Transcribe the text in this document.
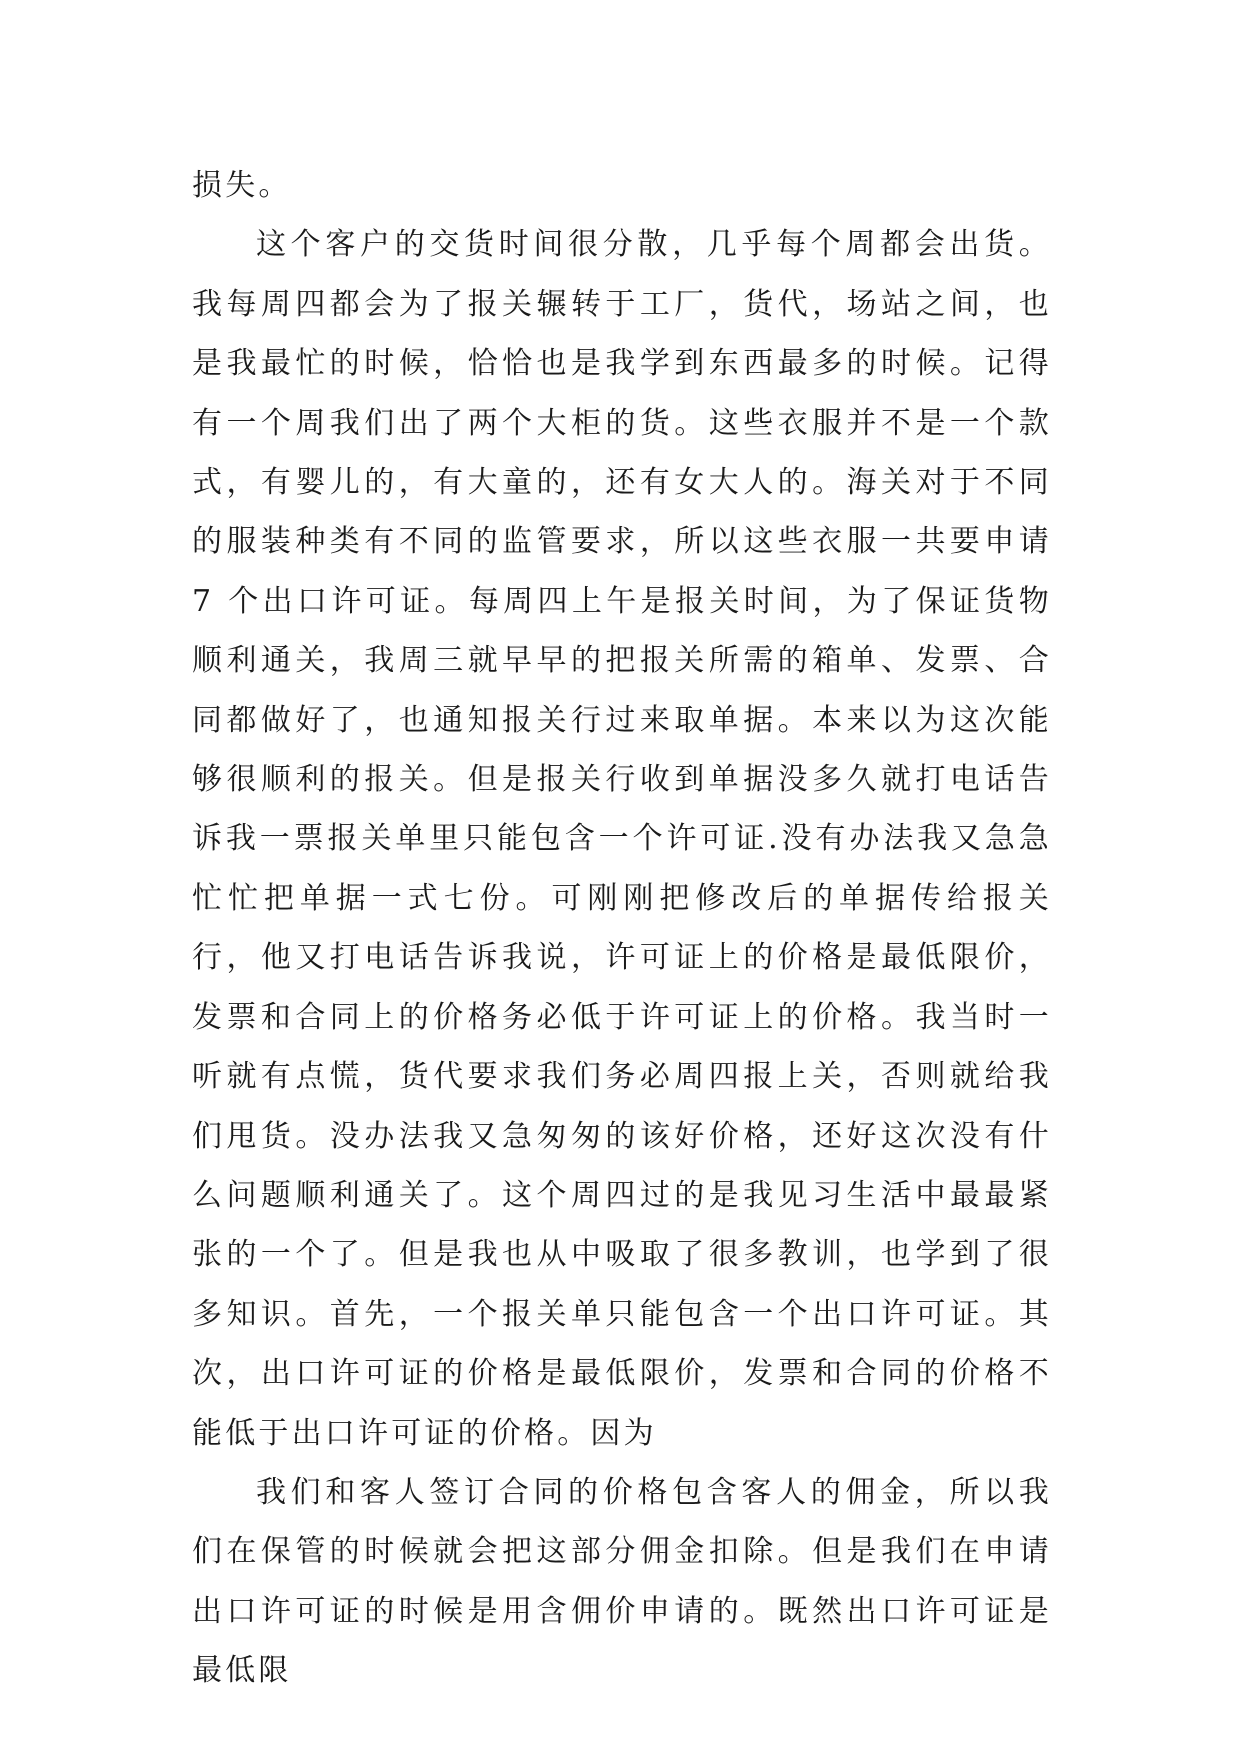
损失。

这个客户的交货时间很分散，几乎每个周都会出货。我每周四都会为了报关辗转于工厂，货代，场站之间，也是我最忙的时候，恰恰也是我学到东西最多的时候。记得有一个周我们出了两个大柜的货。这些衣服并不是一个款式，有婴儿的，有大童的，还有女大人的。海关对于不同的服装种类有不同的监管要求，所以这些衣服一共要申请 7 个出口许可证。每周四上午是报关时间，为了保证货物顺利通关，我周三就早早的把报关所需的箱单、发票、合同都做好了，也通知报关行过来取单据。本来以为这次能够很顺利的报关。但是报关行收到单据没多久就打电话告诉我一票报关单里只能包含一个许可证.没有办法我又急急忙忙把单据一式七份。可刚刚把修改后的单据传给报关行，他又打电话告诉我说，许可证上的价格是最低限价，发票和合同上的价格务必低于许可证上的价格。我当时一听就有点慌，货代要求我们务必周四报上关，否则就给我们甩货。没办法我又急匆匆的该好价格，还好这次没有什么问题顺利通关了。这个周四过的是我见习生活中最最紧张的一个了。但是我也从中吸取了很多教训，也学到了很多知识。首先，一个报关单只能包含一个出口许可证。其次，出口许可证的价格是最低限价，发票和合同的价格不能低于出口许可证的价格。因为

我们和客人签订合同的价格包含客人的佣金，所以我们在保管的时候就会把这部分佣金扣除。但是我们在申请出口许可证的时候是用含佣价申请的。既然出口许可证是最低限
